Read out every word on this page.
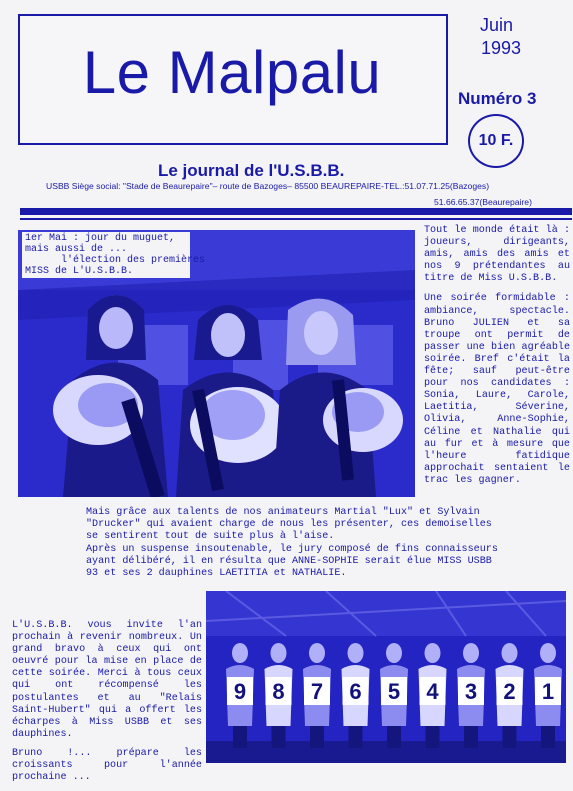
Le Malpalu
Juin
1993
Numéro 3
10 F.
Le journal de l'U.S.B.B.
USBB Siège social: "Stade de Beaurepaire"– route de Bazoges– 85500 BEAUREPAIRE-TEL.:51.07.71.25(Bazoges)
51.66.65.37(Beaurepaire)
1er Mai : jour du muguet,
mais aussi de ...
l'élection des premières
MISS de L'U.S.B.B.

Tout le monde était là : joueurs, dirigeants, amis, amis des amis et nos 9 prétendantes au titre de Miss U.S.B.B.

Une soirée formidable : ambiance, spectacle. Bruno JULIEN et sa troupe ont permit de passer une bien agréable soirée. Bref c'était la fête; sauf peut-être pour nos candidates : Sonia, Laure, Carole, Laetitia, Séverine, Olivia, Anne-Sophie, Céline et Nathalie qui au fur et à mesure que l'heure fatidique approchait sentaient le trac les gagner.

Mais grâce aux talents de nos animateurs Martial "Lux" et Sylvain "Drucker" qui avaient charge de nous les présenter, ces demoiselles se sentirent tout de suite plus à l'aise.

Après un suspense insoutenable, le jury composé de fins connaisseurs ayant délibéré, il en résulta que ANNE-SOPHIE serait élue MISS USBB 93 et ses 2 dauphines LAETITIA et NATHALIE.

L'U.S.B.B. vous invite l'an prochain à revenir nombreux. Un grand bravo à ceux qui ont oeuvré pour la mise en place de cette soirée. Merci à tous ceux qui ont récompensé les postulantes et au "Relais Saint-Hubert" qui a offert les écharpes à Miss USBB et ses dauphines.

Bruno !... prépare les croissants pour l'année prochaine ...

9 8 7 6 5 4 3 2 1
